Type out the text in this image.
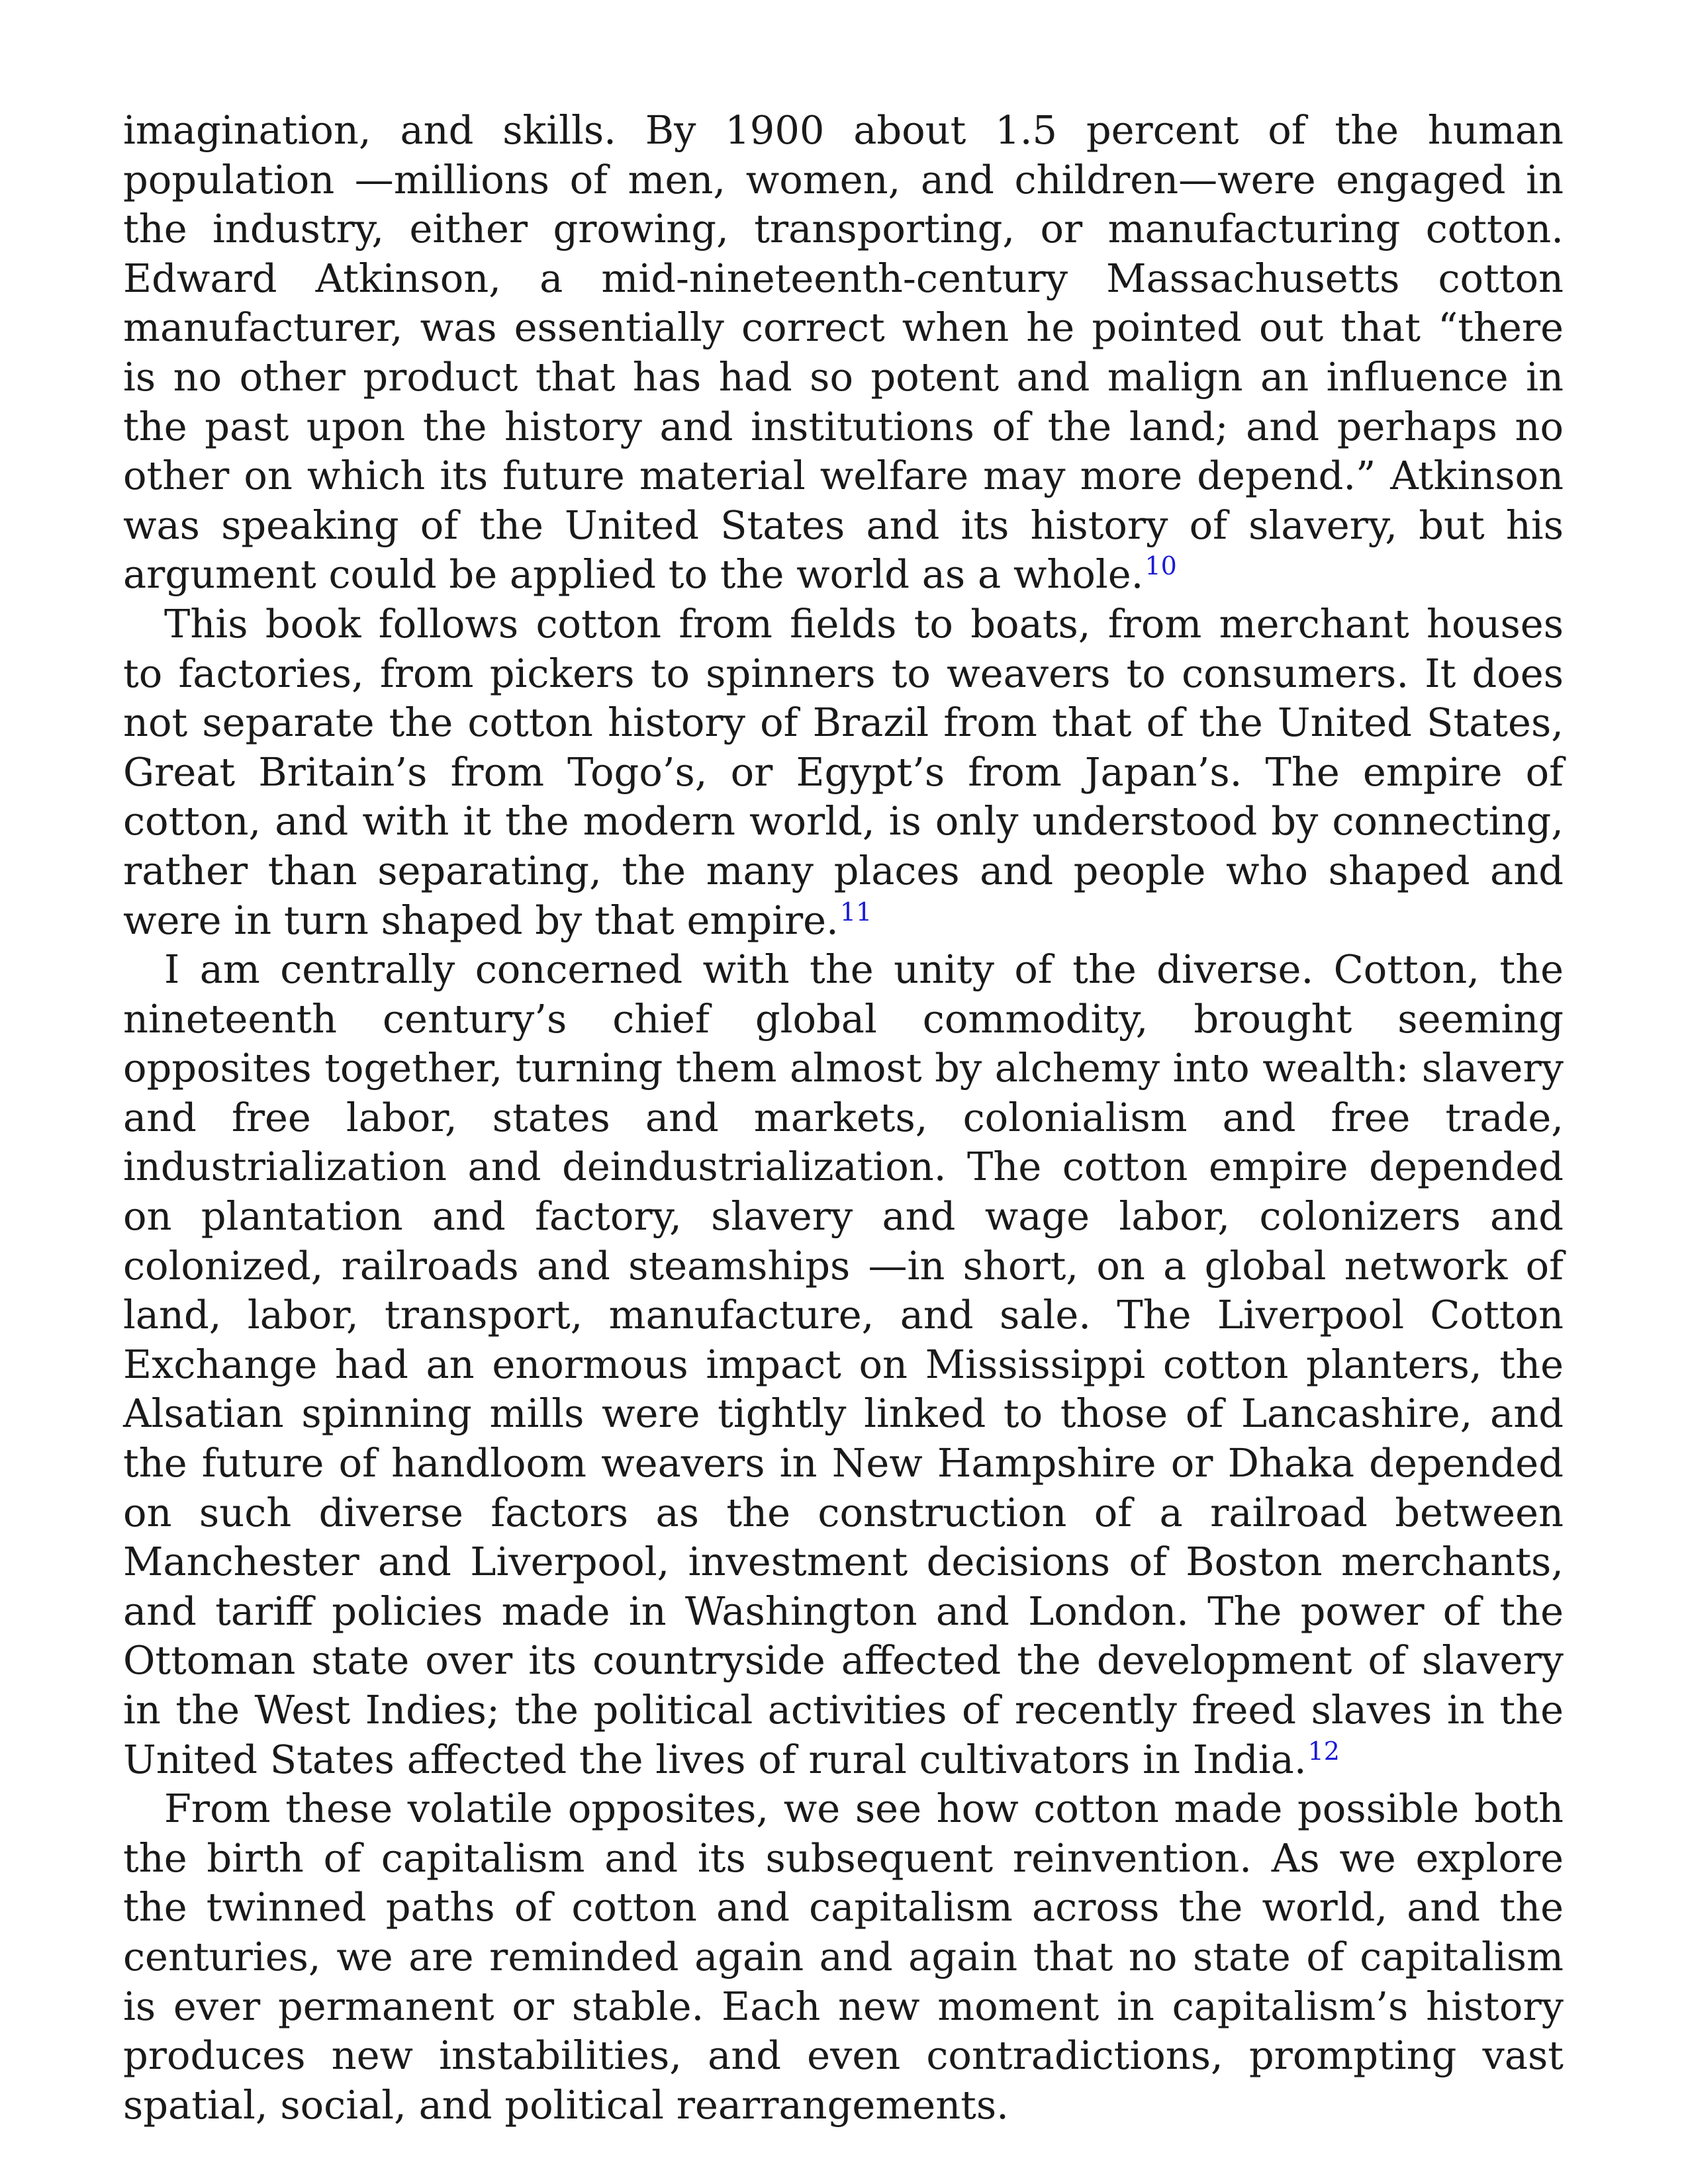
imagination, and skills. By 1900 about 1.5 percent of the human population —millions of men, women, and children—were engaged in the industry, either growing, transporting, or manufacturing cotton. Edward Atkinson, a mid-nineteenth-century Massachusetts cotton manufacturer, was essentially correct when he pointed out that “there is no other product that has had so potent and malign an influence in the past upon the history and institutions of the land; and perhaps no other on which its future material welfare may more depend.” Atkinson was speaking of the United States and its history of slavery, but his argument could be applied to the world as a whole.$^{10}$

This book follows cotton from fields to boats, from merchant houses to factories, from pickers to spinners to weavers to consumers. It does not separate the cotton history of Brazil from that of the United States, Great Britain’s from Togo’s, or Egypt’s from Japan’s. The empire of cotton, and with it the modern world, is only understood by connecting, rather than separating, the many places and people who shaped and were in turn shaped by that empire.$^{11}$

I am centrally concerned with the unity of the diverse. Cotton, the nineteenth century’s chief global commodity, brought seeming opposites together, turning them almost by alchemy into wealth: slavery and free labor, states and markets, colonialism and free trade, industrialization and deindustrialization. The cotton empire depended on plantation and factory, slavery and wage labor, colonizers and colonized, railroads and steamships —in short, on a global network of land, labor, transport, manufacture, and sale. The Liverpool Cotton Exchange had an enormous impact on Mississippi cotton planters, the Alsatian spinning mills were tightly linked to those of Lancashire, and the future of handloom weavers in New Hampshire or Dhaka depended on such diverse factors as the construction of a railroad between Manchester and Liverpool, investment decisions of Boston merchants, and tariff policies made in Washington and London. The power of the Ottoman state over its countryside affected the development of slavery in the West Indies; the political activities of recently freed slaves in the United States affected the lives of rural cultivators in India.$^{12}$

From these volatile opposites, we see how cotton made possible both the birth of capitalism and its subsequent reinvention. As we explore the twinned paths of cotton and capitalism across the world, and the centuries, we are reminded again and again that no state of capitalism is ever permanent or stable. Each new moment in capitalism’s history produces new instabilities, and even contradictions, prompting vast spatial, social, and political rearrangements.
